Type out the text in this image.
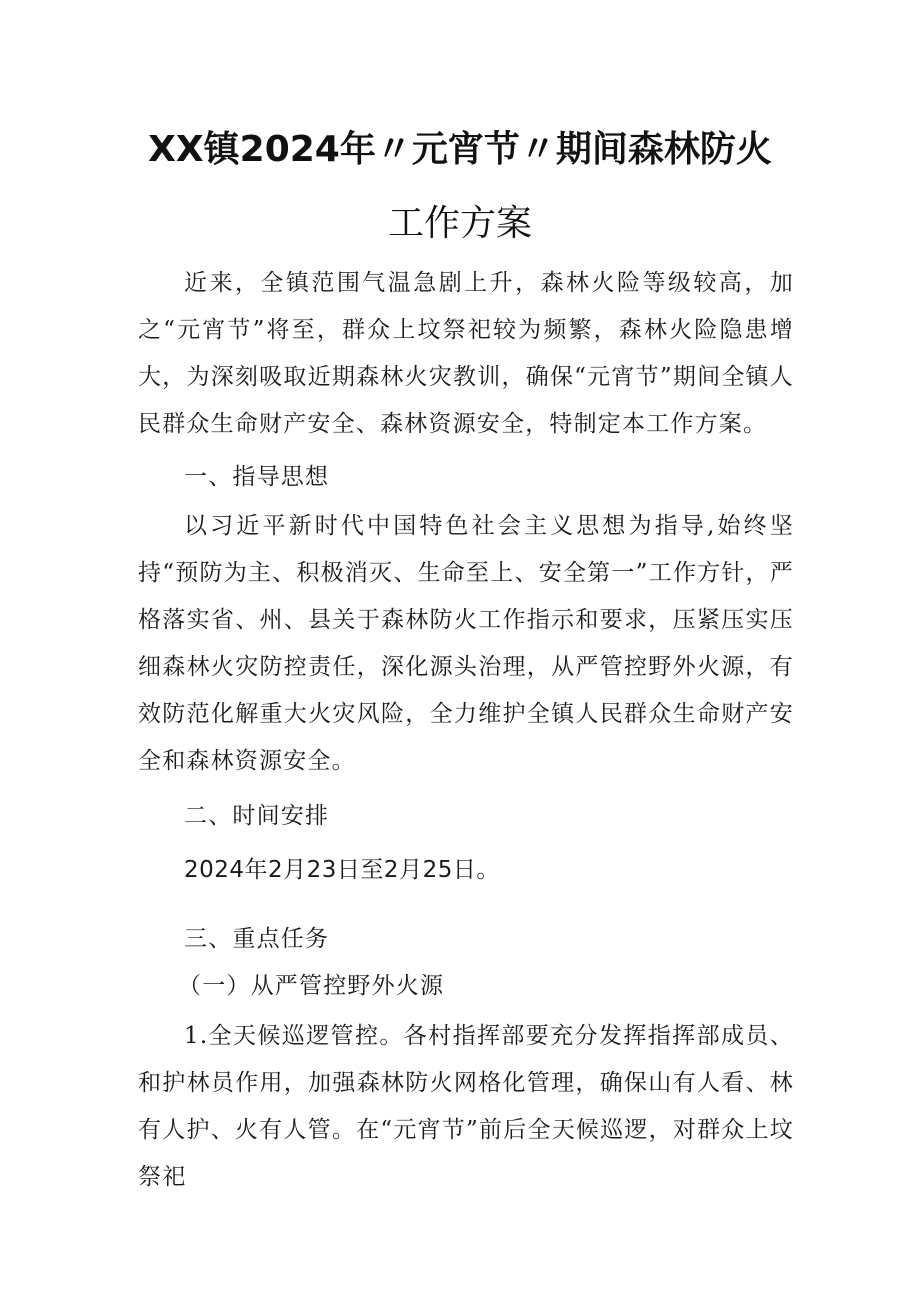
XX镇2024年〃元宵节〃期间森林防火
工作方案

近来，全镇范围气温急剧上升，森林火险等级较高，加之“元宵节”将至，群众上坟祭祀较为频繁，森林火险隐患增大，为深刻吸取近期森林火灾教训，确保“元宵节”期间全镇人民群众生命财产安全、森林资源安全，特制定本工作方案。

一、指导思想

以习近平新时代中国特色社会主义思想为指导,始终坚持“预防为主、积极消灭、生命至上、安全第一”工作方针，严格落实省、州、县关于森林防火工作指示和要求，压紧压实压细森林火灾防控责任，深化源头治理，从严管控野外火源，有效防范化解重大火灾风险，全力维护全镇人民群众生命财产安全和森林资源安全。

二、时间安排

2024年2月23日至2月25日。

三、重点任务

（一）从严管控野外火源

1.全天候巡逻管控。各村指挥部要充分发挥指挥部成员、和护林员作用，加强森林防火网格化管理，确保山有人看、林有人护、火有人管。在“元宵节”前后全天候巡逻，对群众上坟祭祀
